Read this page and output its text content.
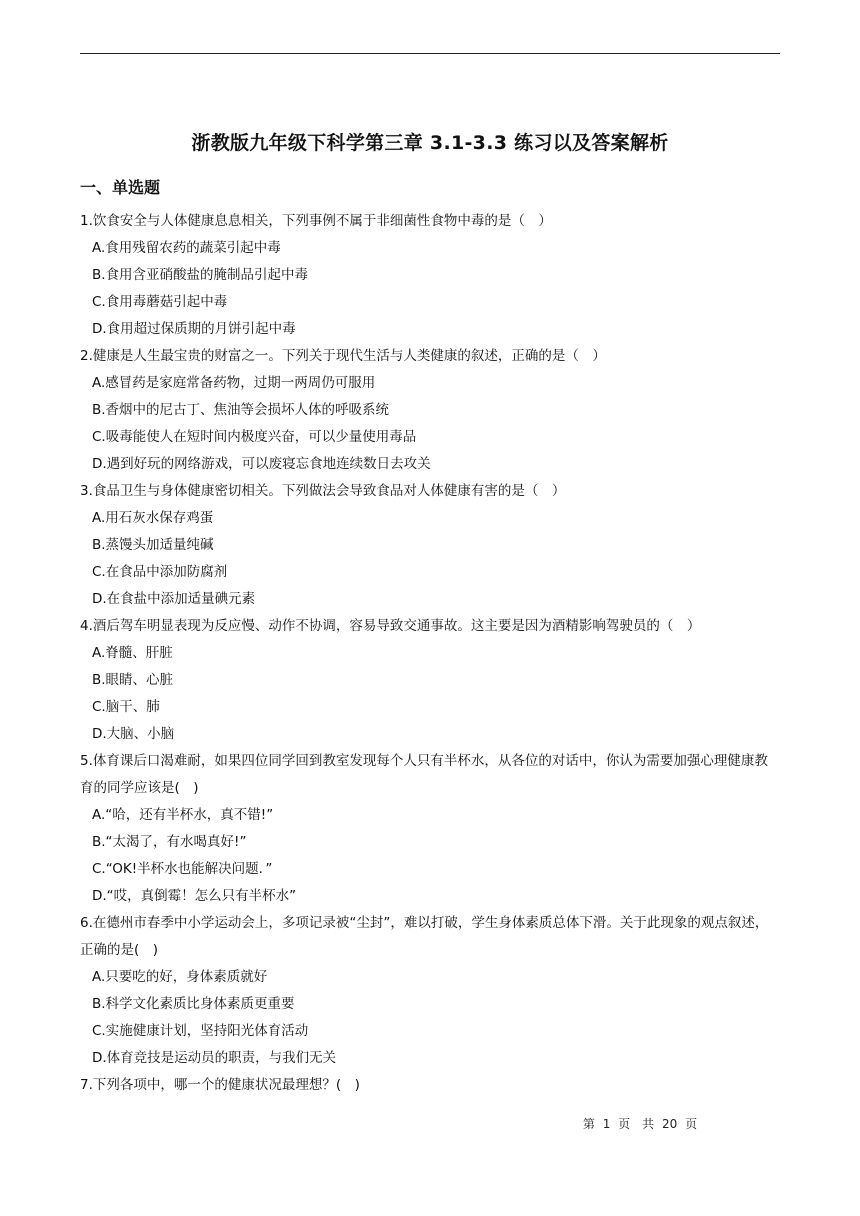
浙教版九年级下科学第三章 3.1-3.3 练习以及答案解析
一、单选题
1.饮食安全与人体健康息息相关，下列事例不属于非细菌性食物中毒的是（　）
A.食用残留农药的蔬菜引起中毒
B.食用含亚硝酸盐的腌制品引起中毒
C.食用毒蘑菇引起中毒
D.食用超过保质期的月饼引起中毒
2.健康是人生最宝贵的财富之一。下列关于现代生活与人类健康的叙述，正确的是（　）
A.感冒药是家庭常备药物，过期一两周仍可服用
B.香烟中的尼古丁、焦油等会损坏人体的呼吸系统
C.吸毒能使人在短时间内极度兴奋，可以少量使用毒品
D.遇到好玩的网络游戏，可以废寝忘食地连续数日去攻关
3.食品卫生与身体健康密切相关。下列做法会导致食品对人体健康有害的是（　）
A.用石灰水保存鸡蛋
B.蒸馒头加适量纯碱
C.在食品中添加防腐剂
D.在食盐中添加适量碘元素
4.酒后驾车明显表现为反应慢、动作不协调，容易导致交通事故。这主要是因为酒精影响驾驶员的（　）
A.脊髓、肝脏
B.眼睛、心脏
C.脑干、肺
D.大脑、小脑
5.体育课后口渴难耐，如果四位同学回到教室发现每个人只有半杯水，从各位的对话中，你认为需要加强心理健康教育的同学应该是(　)
A.“哈，还有半杯水，真不错!”
B.“太渴了，有水喝真好!”
C.“OK!半杯水也能解决问题．”
D.“哎，真倒霉！怎么只有半杯水”
6.在德州市春季中小学运动会上，多项记录被“尘封”，难以打破，学生身体素质总体下滑。关于此现象的观点叙述，正确的是(　)
A.只要吃的好，身体素质就好
B.科学文化素质比身体素质更重要
C.实施健康计划，坚持阳光体育活动
D.体育竞技是运动员的职责，与我们无关
7.下列各项中，哪一个的健康状况最理想？(　)
第 1 页　共 20 页
